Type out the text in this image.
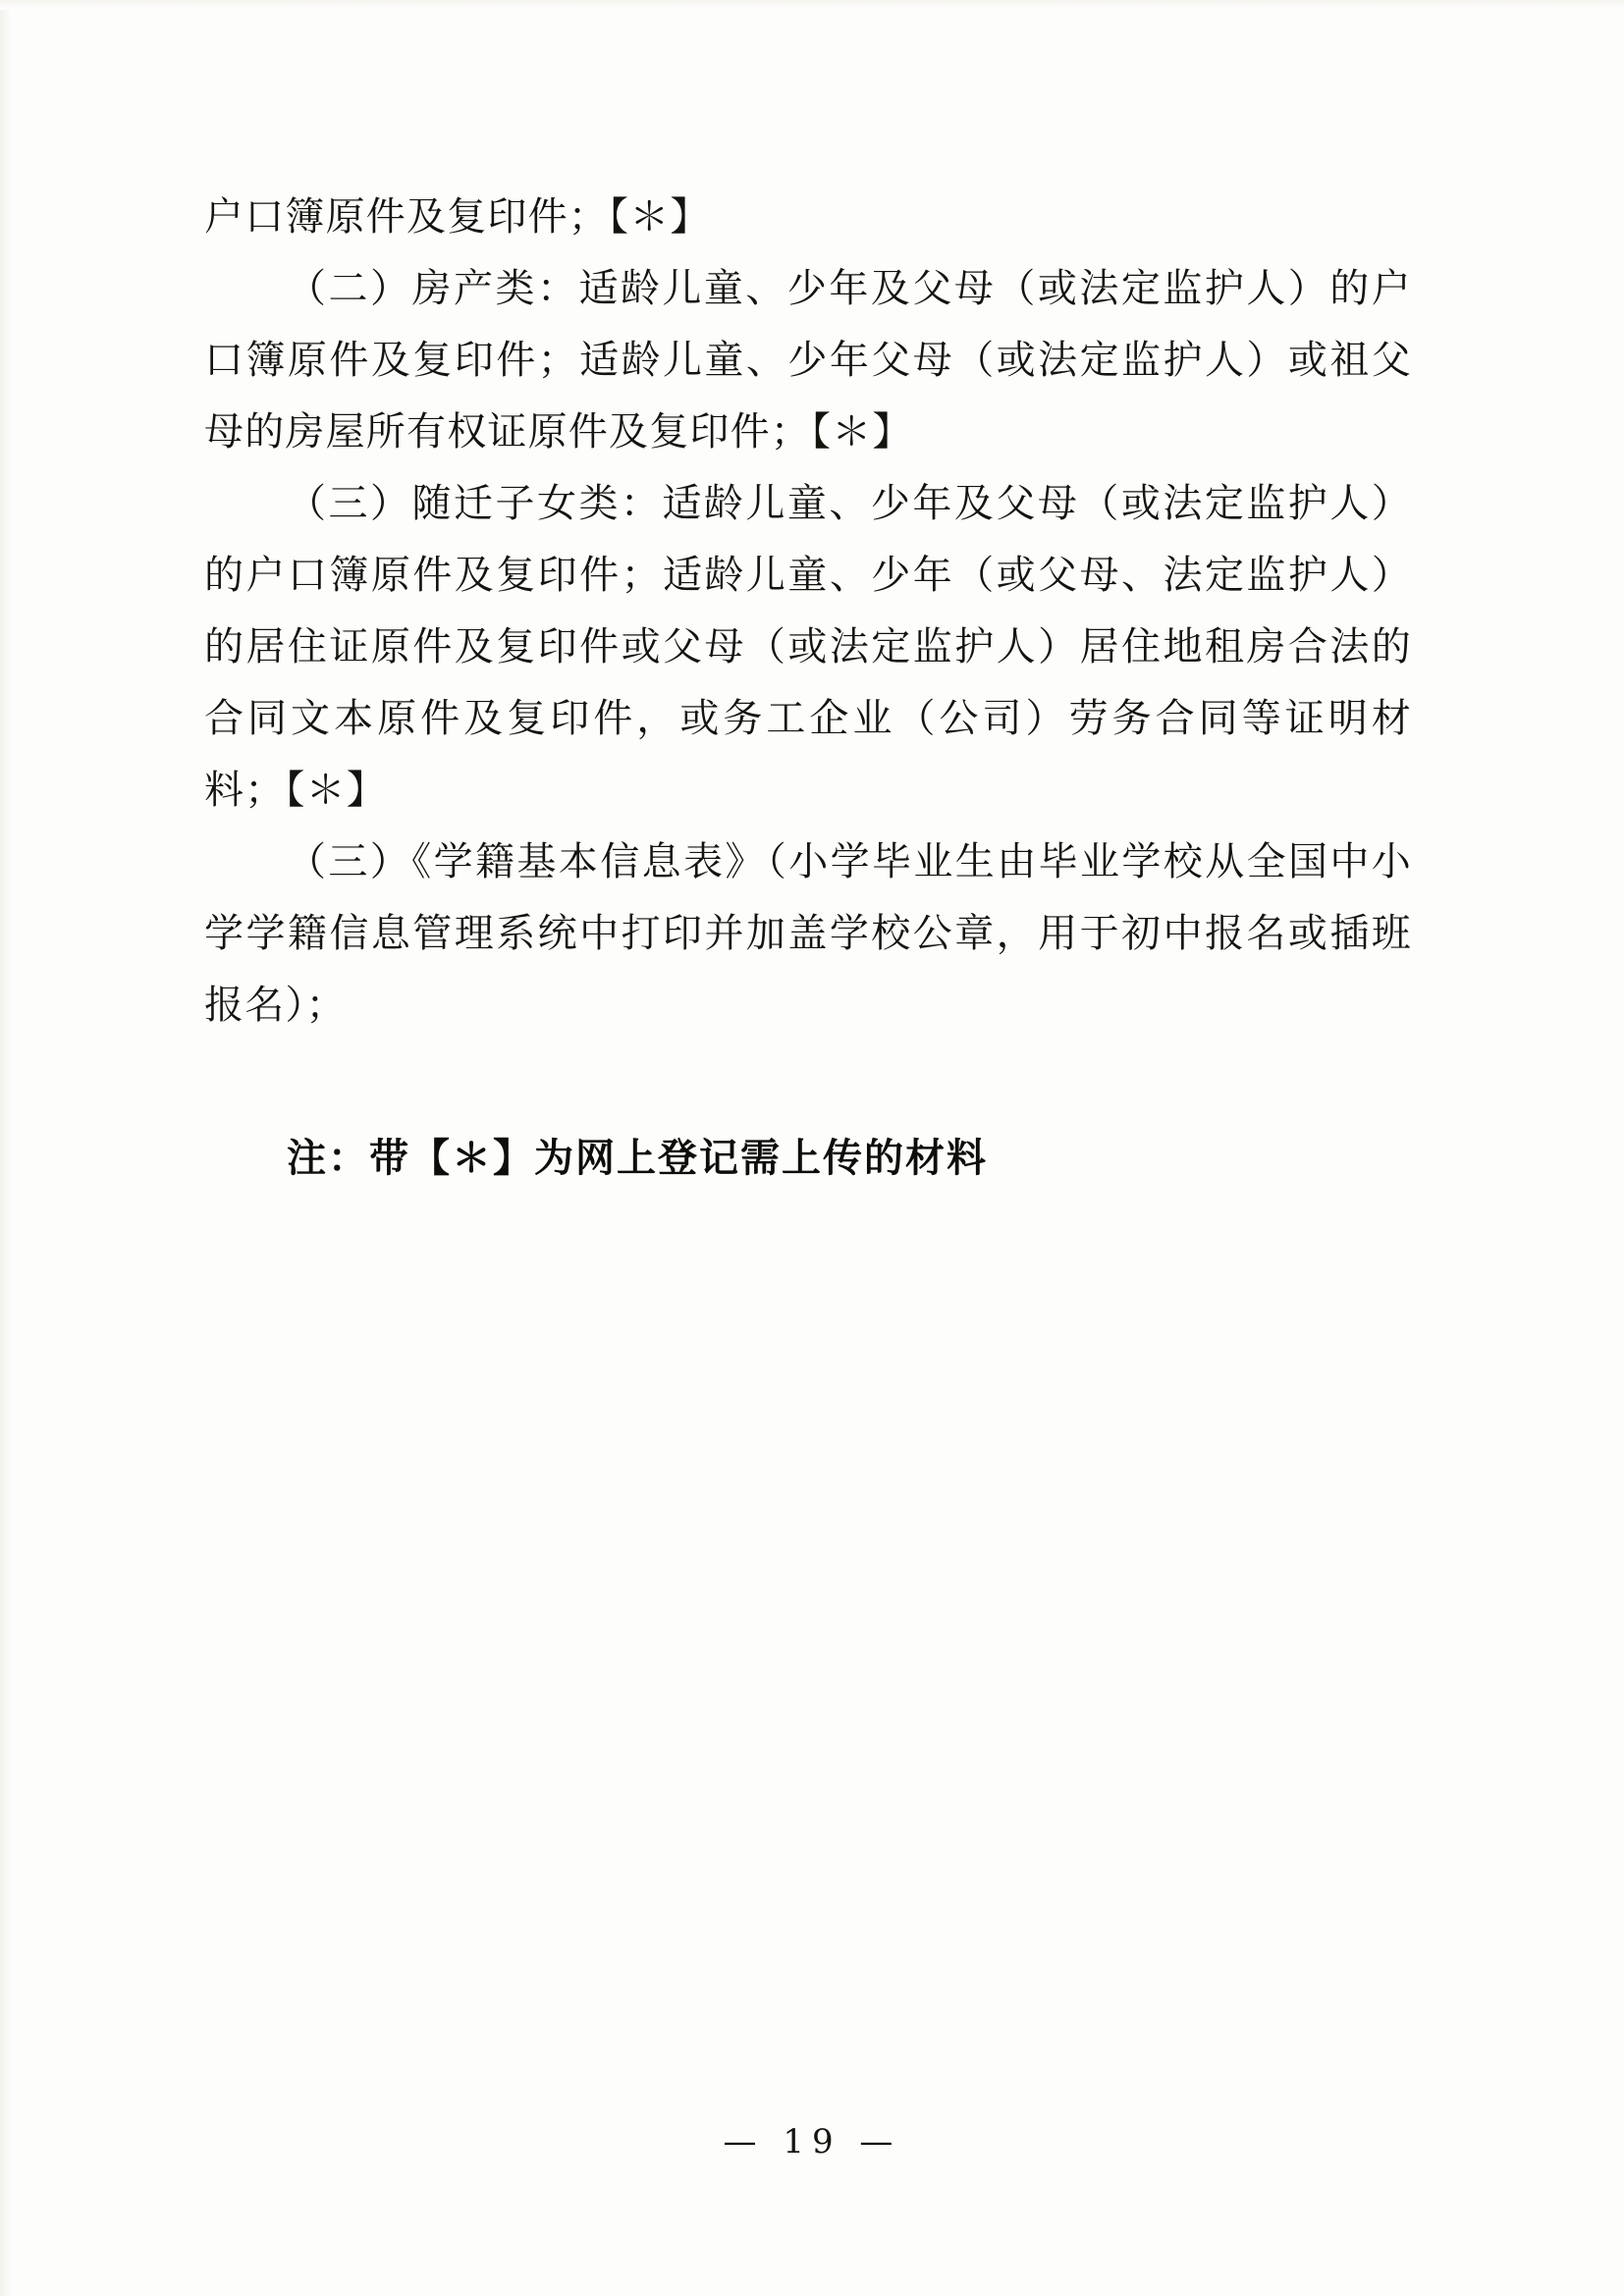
户口簿原件及复印件；【＊】

（二）房产类：适龄儿童、少年及父母（或法定监护人）的户口簿原件及复印件；适龄儿童、少年父母（或法定监护人）或祖父母的房屋所有权证原件及复印件；【＊】

（三）随迁子女类：适龄儿童、少年及父母（或法定监护人）的户口簿原件及复印件；适龄儿童、少年（或父母、法定监护人）的居住证原件及复印件或父母（或法定监护人）居住地租房合法的合同文本原件及复印件，或务工企业（公司）劳务合同等证明材料；【＊】

（三）《学籍基本信息表》（小学毕业生由毕业学校从全国中小学学籍信息管理系统中打印并加盖学校公章，用于初中报名或插班报名）；

注：带【＊】为网上登记需上传的材料

— 19 —
